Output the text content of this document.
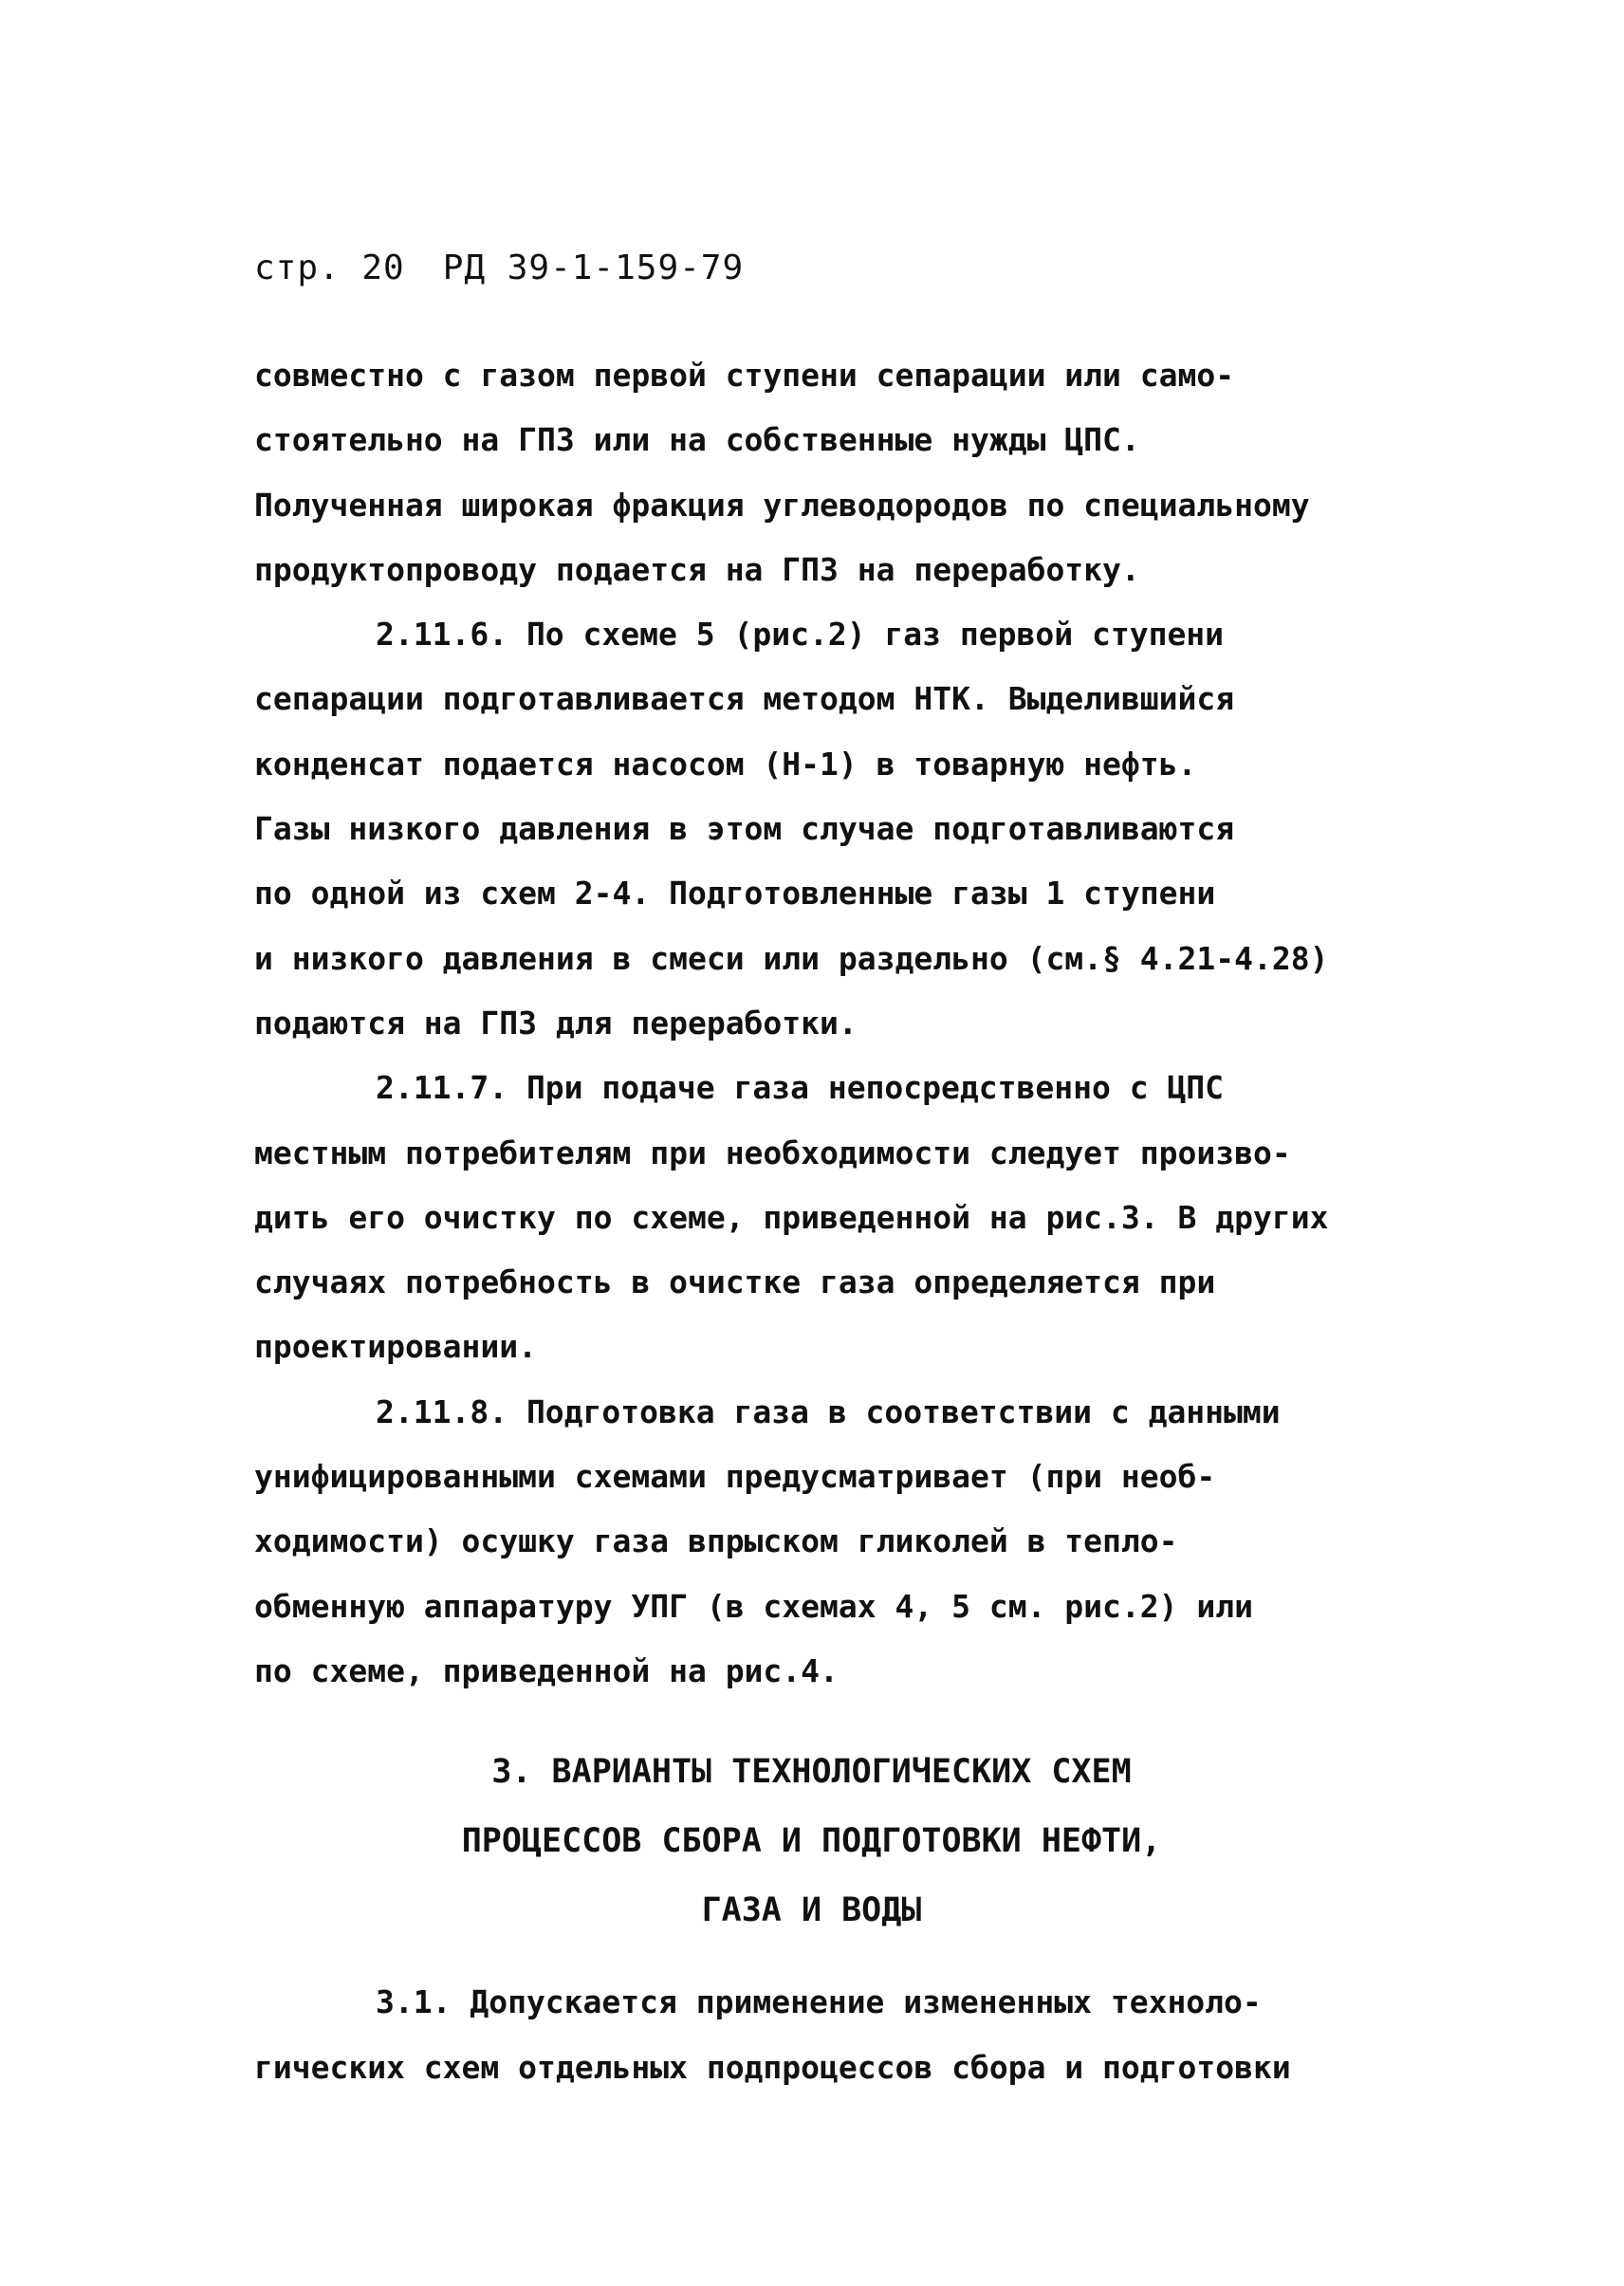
стр. 20 РД 39-1-159-79
совместно с газом первой ступени сепарации или само-
стоятельно на ГПЗ или на собственные нужды ЦПС.
Полученная широкая фракция углеводородов по специальному
продуктопроводу подается на ГПЗ на переработку.
2.11.6. По схеме 5 (рис.2) газ первой ступени
сепарации подготавливается методом НТК. Выделившийся
конденсат подается насосом (Н-1) в товарную нефть.
Газы низкого давления в этом случае подготавливаются
по одной из схем 2-4. Подготовленные газы 1 ступени
и низкого давления в смеси или раздельно (см.§ 4.21-4.28)
подаются на ГПЗ для переработки.
2.11.7. При подаче газа непосредственно с ЦПС
местным потребителям при необходимости следует произво-
дить его очистку по схеме, приведенной на рис.3. В других
случаях потребность в очистке газа определяется при
проектировании.
2.11.8. Подготовка газа в соответствии с данными
унифицированными схемами предусматривает (при необ-
ходимости) осушку газа впрыском гликолей в тепло-
обменную аппаратуру УПГ (в схемах 4, 5 см. рис.2) или
по схеме, приведенной на рис.4.
3. ВАРИАНТЫ ТЕХНОЛОГИЧЕСКИХ СХЕМ
ПРОЦЕССОВ СБОРА И ПОДГОТОВКИ НЕФТИ,
ГАЗА И ВОДЫ
3.1. Допускается применение измененных техноло-
гических схем отдельных подпроцессов сбора и подготовки
